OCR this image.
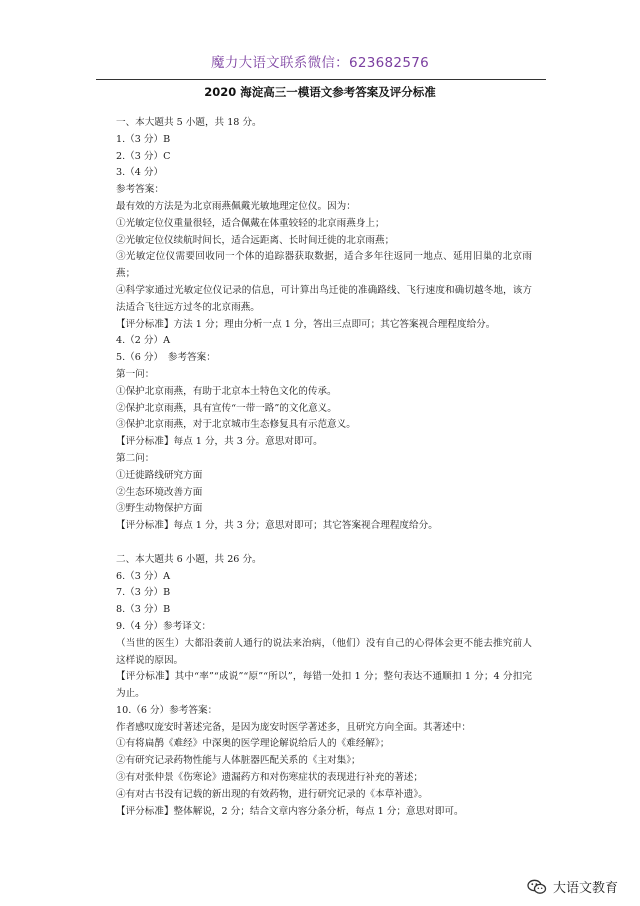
魔力大语文联系微信：623682576
2020 海淀高三一模语文参考答案及评分标准
一、本大题共 5 小题，共 18 分。
1.（3 分）B
2.（3 分）C
3.（4 分）
参考答案：
最有效的方法是为北京雨燕佩戴光敏地理定位仪。因为：
①光敏定位仪重量很轻，适合佩戴在体重较轻的北京雨燕身上；
②光敏定位仪续航时间长，适合远距离、长时间迁徙的北京雨燕；
③光敏定位仪需要回收同一个体的追踪器获取数据，适合多年往返同一地点、延用旧巢的北京雨燕；
④科学家通过光敏定位仪记录的信息，可计算出鸟迁徙的准确路线、飞行速度和确切越冬地，该方法适合飞往远方过冬的北京雨燕。
【评分标准】方法 1 分；理由分析一点 1 分，答出三点即可；其它答案视合理程度给分。
4.（2 分）A
5.（6 分）　参考答案：
第一问：
①保护北京雨燕，有助于北京本土特色文化的传承。
②保护北京雨燕，具有宣传“一带一路”的文化意义。
③保护北京雨燕，对于北京城市生态修复具有示范意义。
【评分标准】每点 1 分，共 3 分。意思对即可。
第二问：
①迁徙路线研究方面
②生态环境改善方面
③野生动物保护方面
【评分标准】每点 1 分，共 3 分；意思对即可；其它答案视合理程度给分。
二、本大题共 6 小题，共 26 分。
6.（3 分）A
7.（3 分）B
8.（3 分）B
9.（4 分）参考译文：
（当世的医生）大都沿袭前人通行的说法来治病，（他们）没有自己的心得体会更不能去推究前人这样说的原因。
【评分标准】其中“率”“成说”“原”“所以”，每错一处扣 1 分；整句表达不通顺扣 1 分；4 分扣完为止。
10.（6 分）参考答案：
作者感叹庞安时著述完备，是因为庞安时医学著述多，且研究方向全面。其著述中：
①有将扁鹊《难经》中深奥的医学理论解说给后人的《难经解》；
②有研究记录药物性能与人体脏器匹配关系的《主对集》；
③有对张仲景《伤寒论》遗漏药方和对伤寒症状的表现进行补充的著述；
④有对古书没有记载的新出现的有效药物，进行研究记录的《本草补遗》。
【评分标准】整体解说，2 分；结合文章内容分条分析，每点 1 分；意思对即可。
大语文教育
